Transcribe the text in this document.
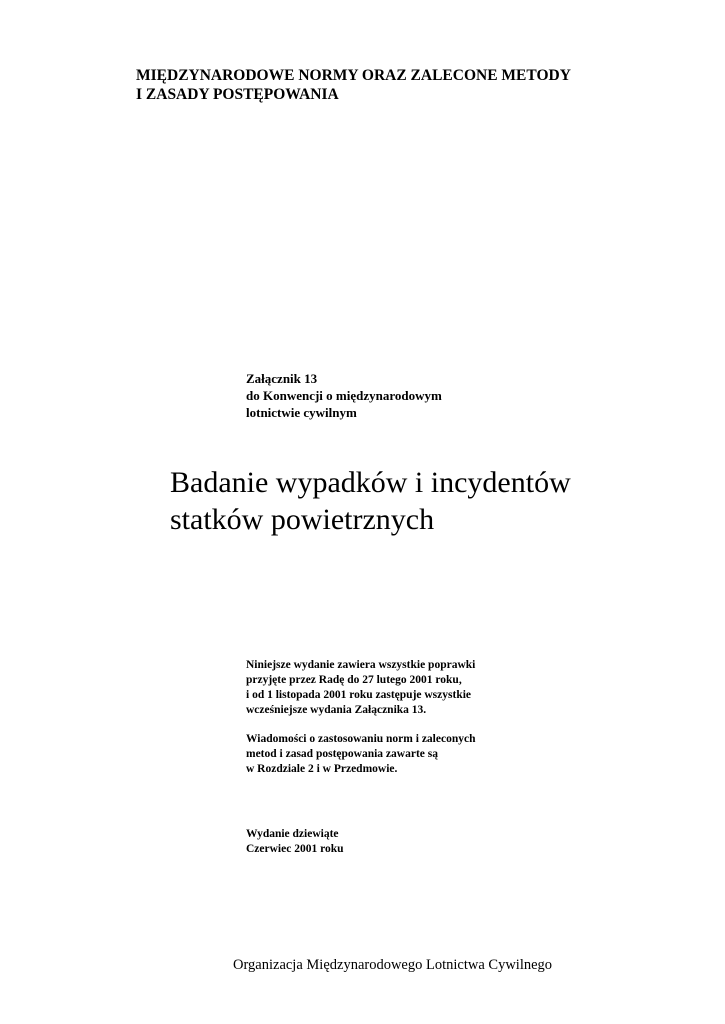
MIĘDZYNARODOWE NORMY ORAZ ZALECONE METODY
I ZASADY POSTĘPOWANIA
Załącznik 13
do Konwencji o międzynarodowym
lotnictwie cywilnym
Badanie wypadków i incydentów
statków powietrznych

Niniejsze wydanie zawiera wszystkie poprawki
przyjęte przez Radę do 27 lutego 2001 roku,
i od 1 listopada 2001 roku zastępuje wszystkie
wcześniejsze wydania Załącznika 13.

Wiadomości o zastosowaniu norm i zaleconych
metod i zasad postępowania zawarte są
w Rozdziale 2 i w Przedmowie.

Wydanie dziewiąte
Czerwiec 2001 roku
Organizacja Międzynarodowego Lotnictwa Cywilnego
